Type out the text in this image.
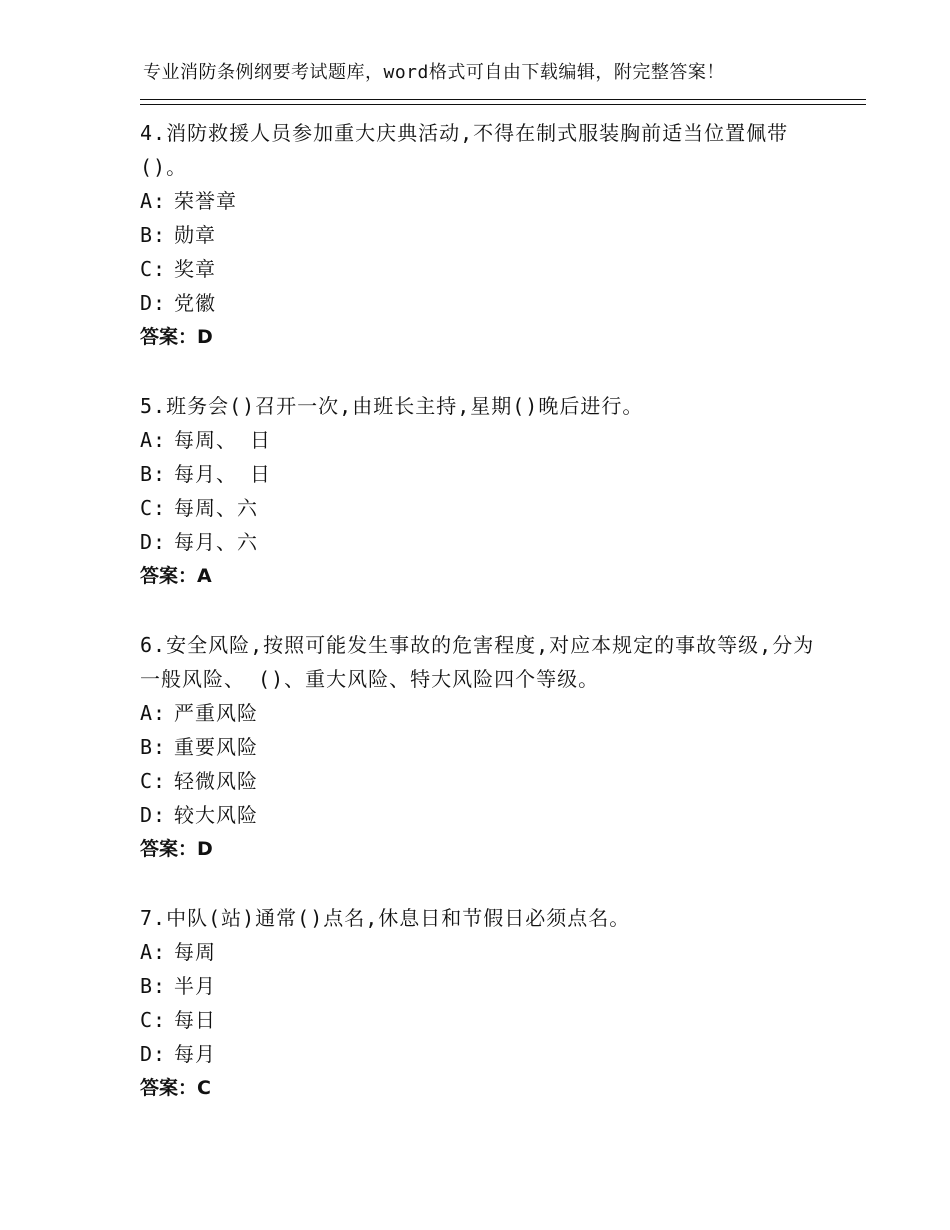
专业消防条例纲要考试题库，word格式可自由下载编辑，附完整答案！

4.消防救援人员参加重大庆典活动,不得在制式服装胸前适当位置佩带()。

A: 荣誉章
B: 勋章
C: 奖章
D: 党徽
答案：D

5.班务会()召开一次,由班长主持,星期()晚后进行。

A: 每周、 日
B: 每月、 日
C: 每周、六
D: 每月、六
答案：A

6.安全风险,按照可能发生事故的危害程度,对应本规定的事故等级,分为一般风险、 ()、重大风险、特大风险四个等级。

A: 严重风险
B: 重要风险
C: 轻微风险
D: 较大风险
答案：D

7.中队(站)通常()点名,休息日和节假日必须点名。

A: 每周
B: 半月
C: 每日
D: 每月
答案：C
